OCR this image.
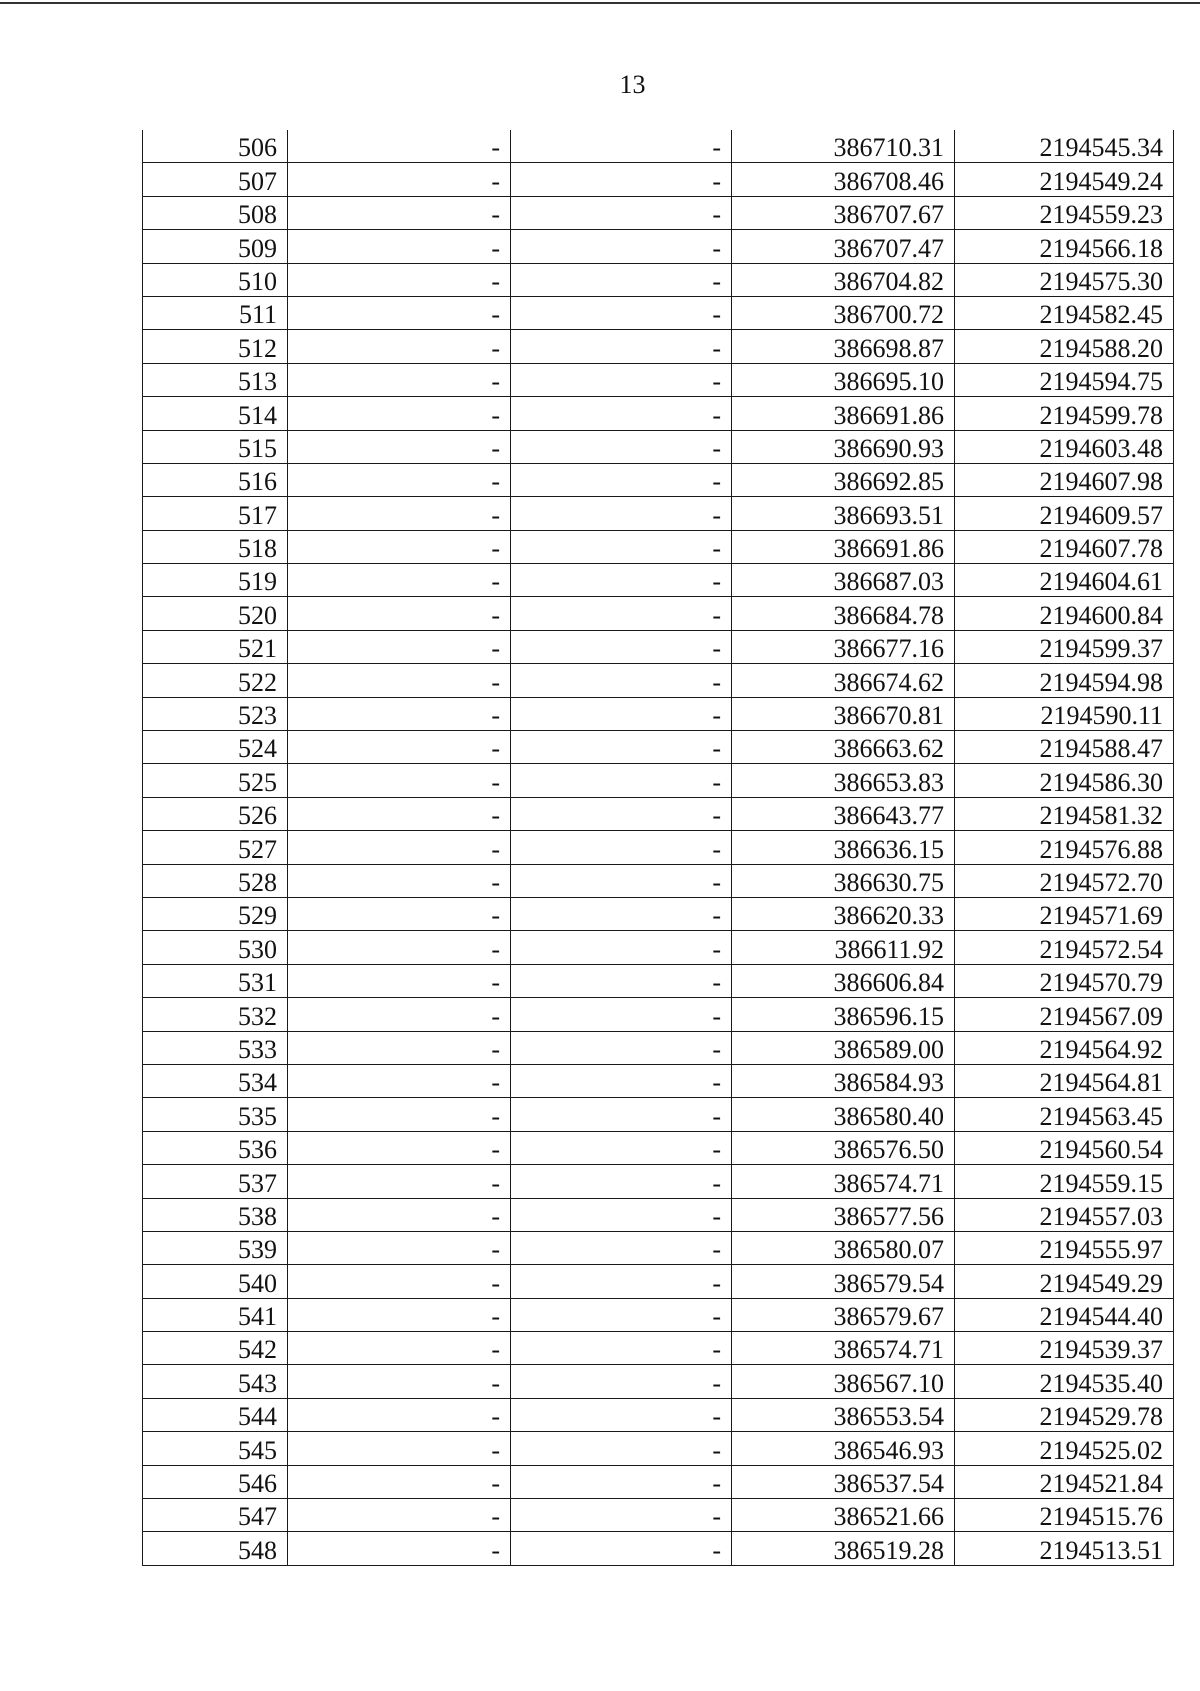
13
506	-	-	386710.31	2194545.34
507	-	-	386708.46	2194549.24
508	-	-	386707.67	2194559.23
509	-	-	386707.47	2194566.18
510	-	-	386704.82	2194575.30
511	-	-	386700.72	2194582.45
512	-	-	386698.87	2194588.20
513	-	-	386695.10	2194594.75
514	-	-	386691.86	2194599.78
515	-	-	386690.93	2194603.48
516	-	-	386692.85	2194607.98
517	-	-	386693.51	2194609.57
518	-	-	386691.86	2194607.78
519	-	-	386687.03	2194604.61
520	-	-	386684.78	2194600.84
521	-	-	386677.16	2194599.37
522	-	-	386674.62	2194594.98
523	-	-	386670.81	2194590.11
524	-	-	386663.62	2194588.47
525	-	-	386653.83	2194586.30
526	-	-	386643.77	2194581.32
527	-	-	386636.15	2194576.88
528	-	-	386630.75	2194572.70
529	-	-	386620.33	2194571.69
530	-	-	386611.92	2194572.54
531	-	-	386606.84	2194570.79
532	-	-	386596.15	2194567.09
533	-	-	386589.00	2194564.92
534	-	-	386584.93	2194564.81
535	-	-	386580.40	2194563.45
536	-	-	386576.50	2194560.54
537	-	-	386574.71	2194559.15
538	-	-	386577.56	2194557.03
539	-	-	386580.07	2194555.97
540	-	-	386579.54	2194549.29
541	-	-	386579.67	2194544.40
542	-	-	386574.71	2194539.37
543	-	-	386567.10	2194535.40
544	-	-	386553.54	2194529.78
545	-	-	386546.93	2194525.02
546	-	-	386537.54	2194521.84
547	-	-	386521.66	2194515.76
548	-	-	386519.28	2194513.51
